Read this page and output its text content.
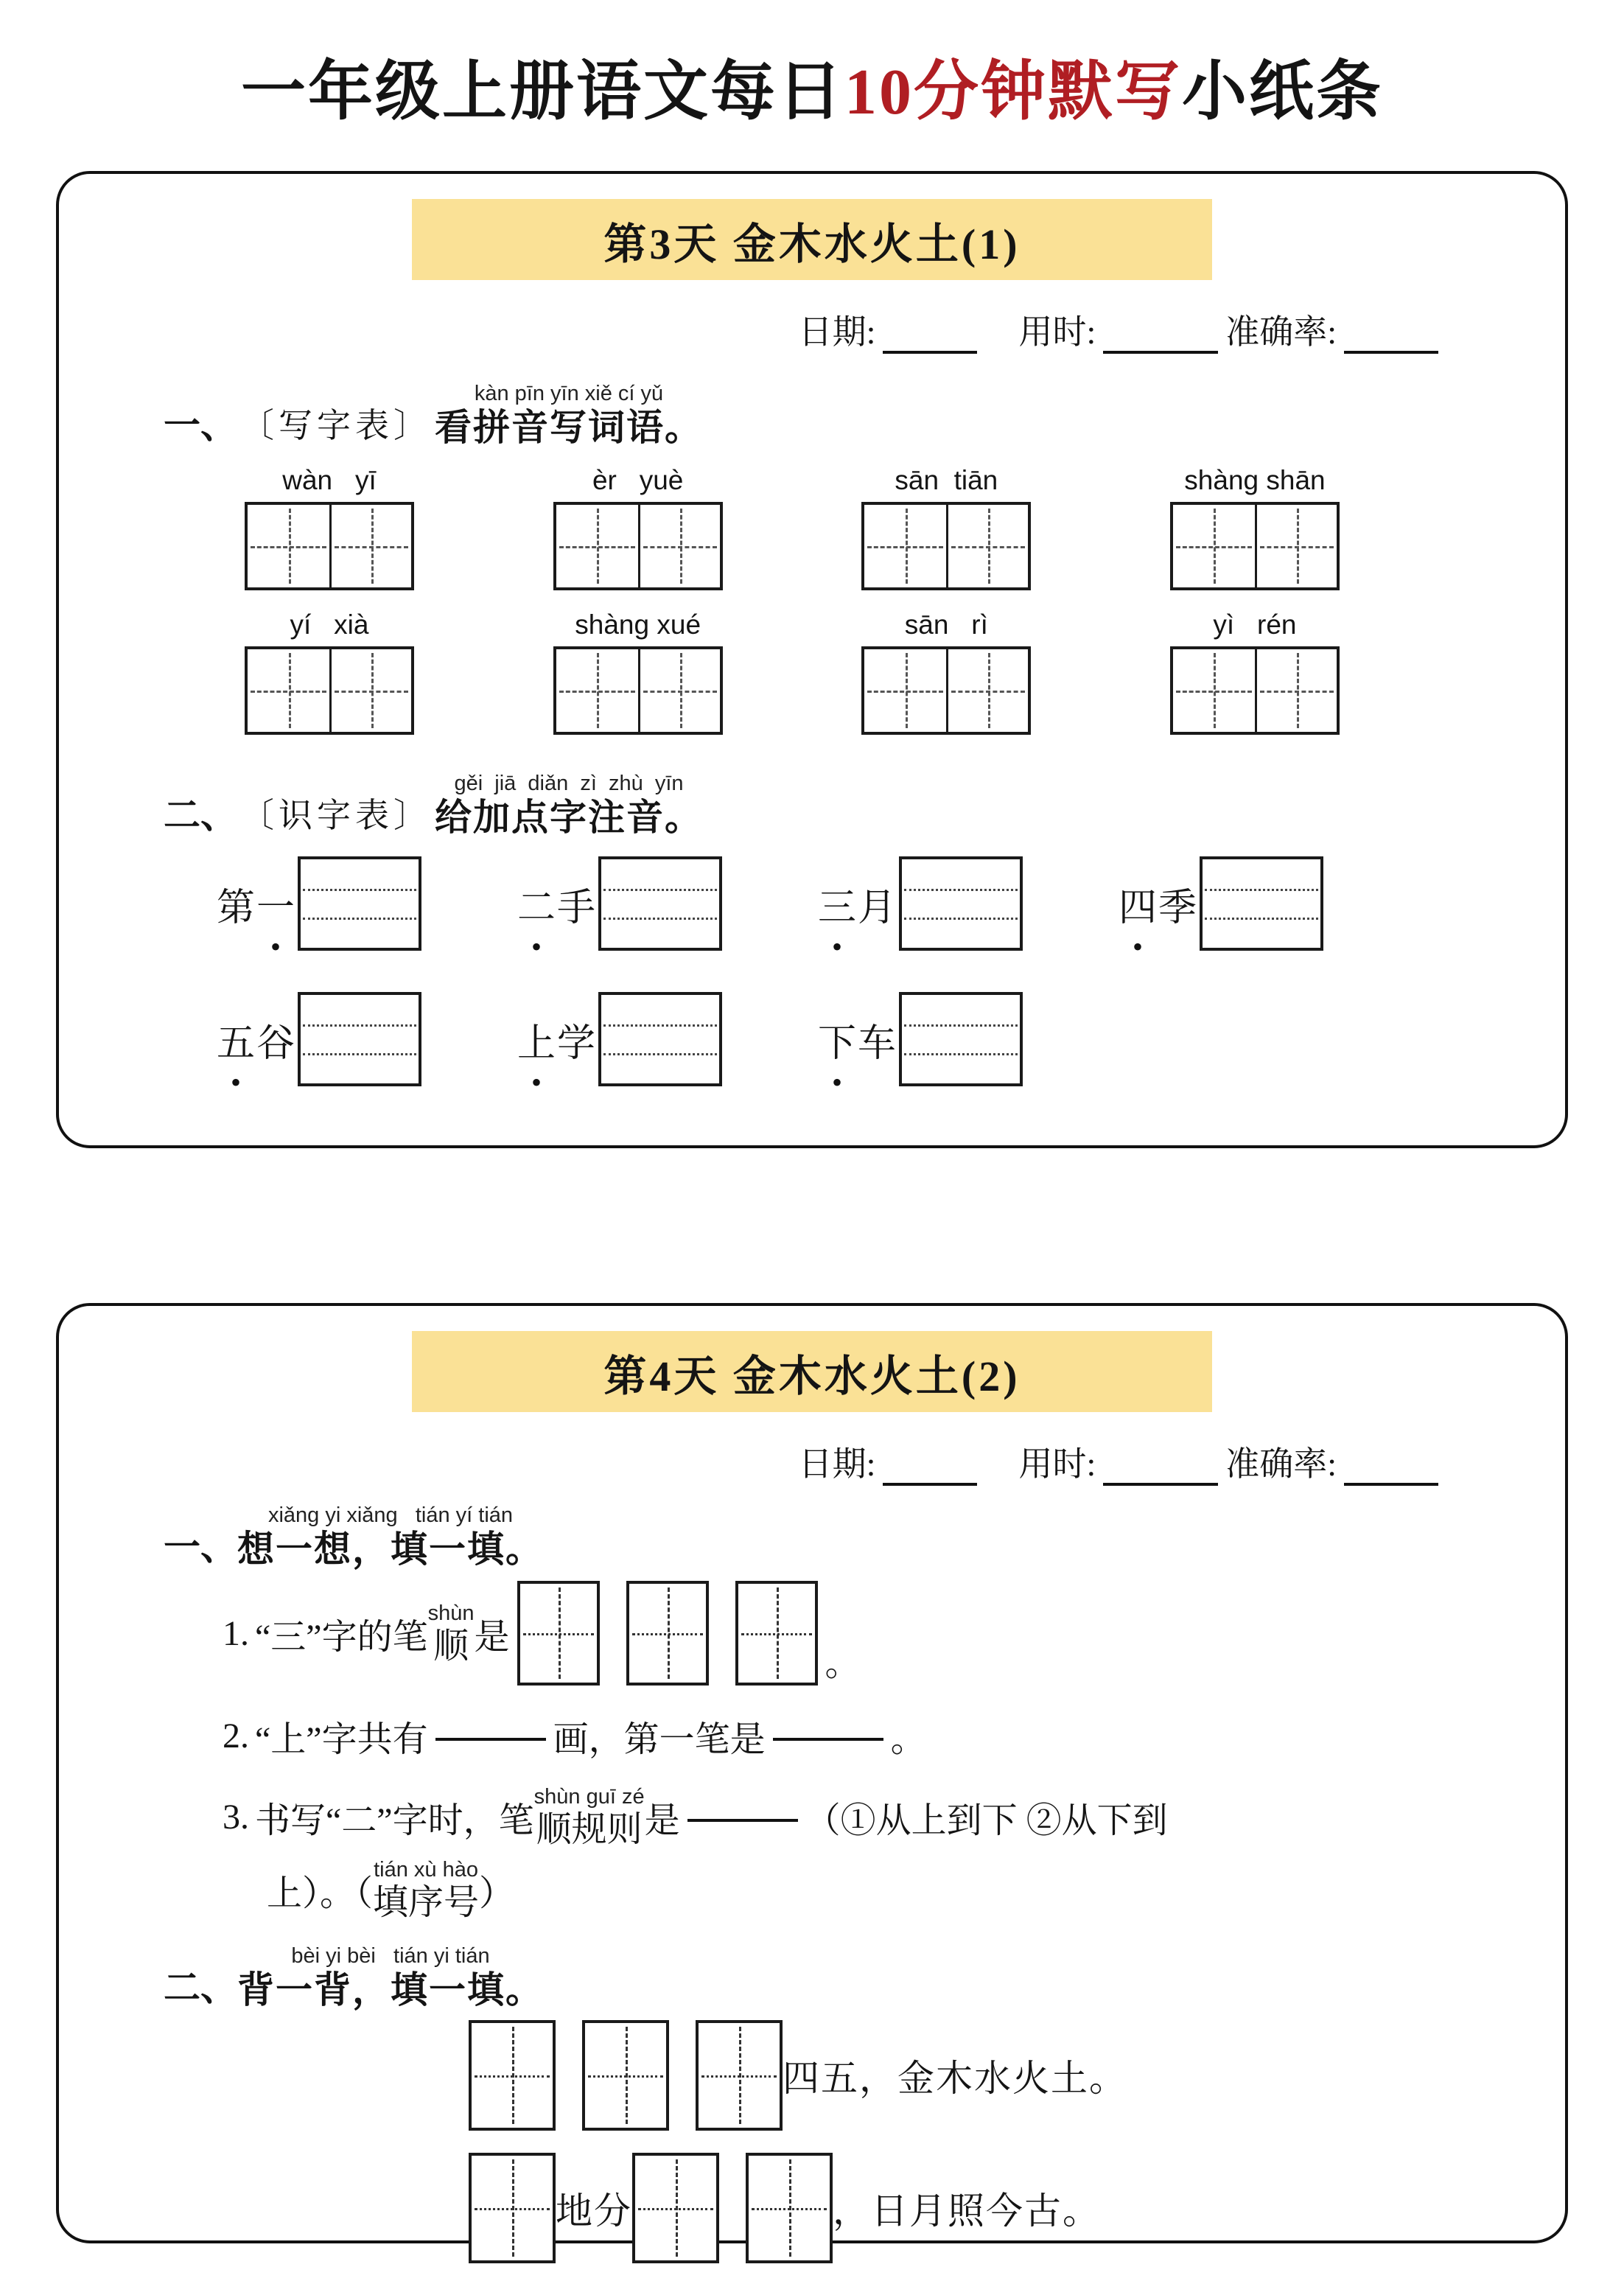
一年级上册语文每日10分钟默写小纸条
第3天 金木水火土(1)
日期:	用时:	准确率:
一、 〔写字表〕
kàn pīn yīn xiě cí yǔ
看拼音写词语。
wàn   yī	èr   yuè	sān  tiān	shàng shān
yí   xià	shàng xué	sān   rì	yì   rén
二、 〔识字表〕
gěi  jiā  diǎn  zì  zhù  yīn
给加点字注音。
第一	二手	三月	四季
五谷	上学	下车
第4天 金木水火土(2)
日期:	用时:	准确率:
一、
xiǎng yi xiǎng   tián yí tián
想一想，填一填。
1. “三”字的笔
shùn
顺 是
。
2. “上”字共有	画，第一笔是	。
3. 书写“二”字时，笔
shùn guī zé
顺规则 是	（①从上到下 ②从下到
上）。（
tián xù hào
填序号 ）
二、
bèi yi bèi   tián yi tián
背一背，填一填。
四五，金木水火土。
地分	，日月照今古。
